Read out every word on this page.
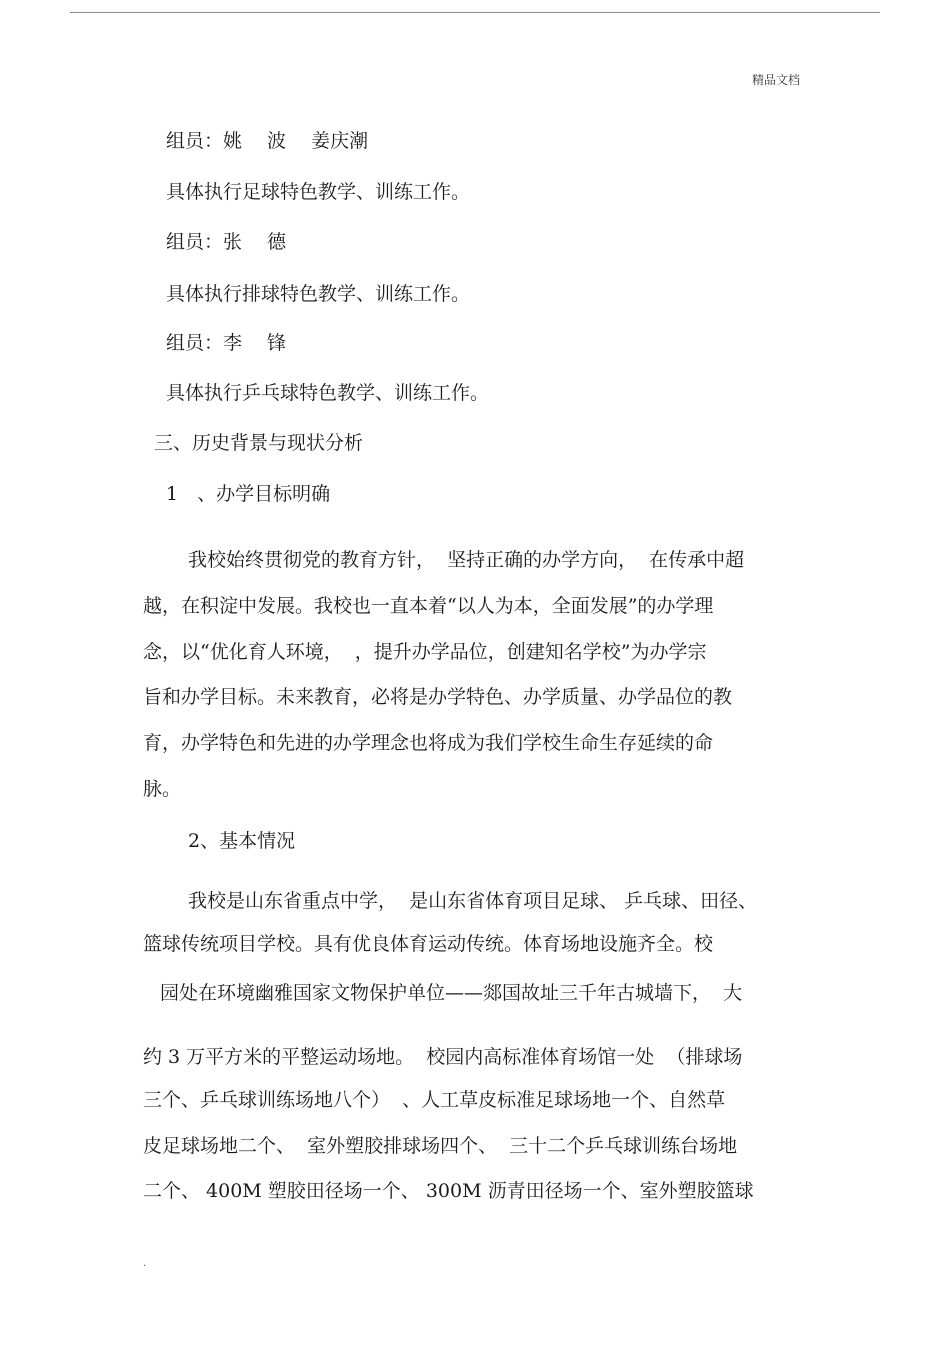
精品文档
组员：姚　 波　 姜庆潮
具体执行足球特色教学、训练工作。
组员：张　 德
具体执行排球特色教学、训练工作。
组员：李　 锋
具体执行乒乓球特色教学、训练工作。
三、历史背景与现状分析
1　、办学目标明确
我校始终贯彻党的教育方针，  坚持正确的办学方向，  在传承中超
越，在积淀中发展。我校也一直本着“以人为本，全面发展”的办学理
念，以“优化育人环境，  ，提升办学品位，创建知名学校”为办学宗
旨和办学目标。未来教育，必将是办学特色、办学质量、办学品位的教
育，办学特色和先进的办学理念也将成为我们学校生命生存延续的命
脉。
2、基本情况
我校是山东省重点中学，  是山东省体育项目足球、 乒乓球、田径、
篮球传统项目学校。具有优良体育运动传统。体育场地设施齐全。校
园处在环境幽雅国家文物保护单位——郯国故址三千年古城墙下，  大
约 3 万平方米的平整运动场地。  校园内高标准体育场馆一处  （排球场
三个、乒乓球训练场地八个）  、人工草皮标准足球场地一个、自然草
皮足球场地二个、  室外塑胶排球场四个、  三十二个乒乓球训练台场地
二个、 400M 塑胶田径场一个、 300M 沥青田径场一个、室外塑胶篮球
.
